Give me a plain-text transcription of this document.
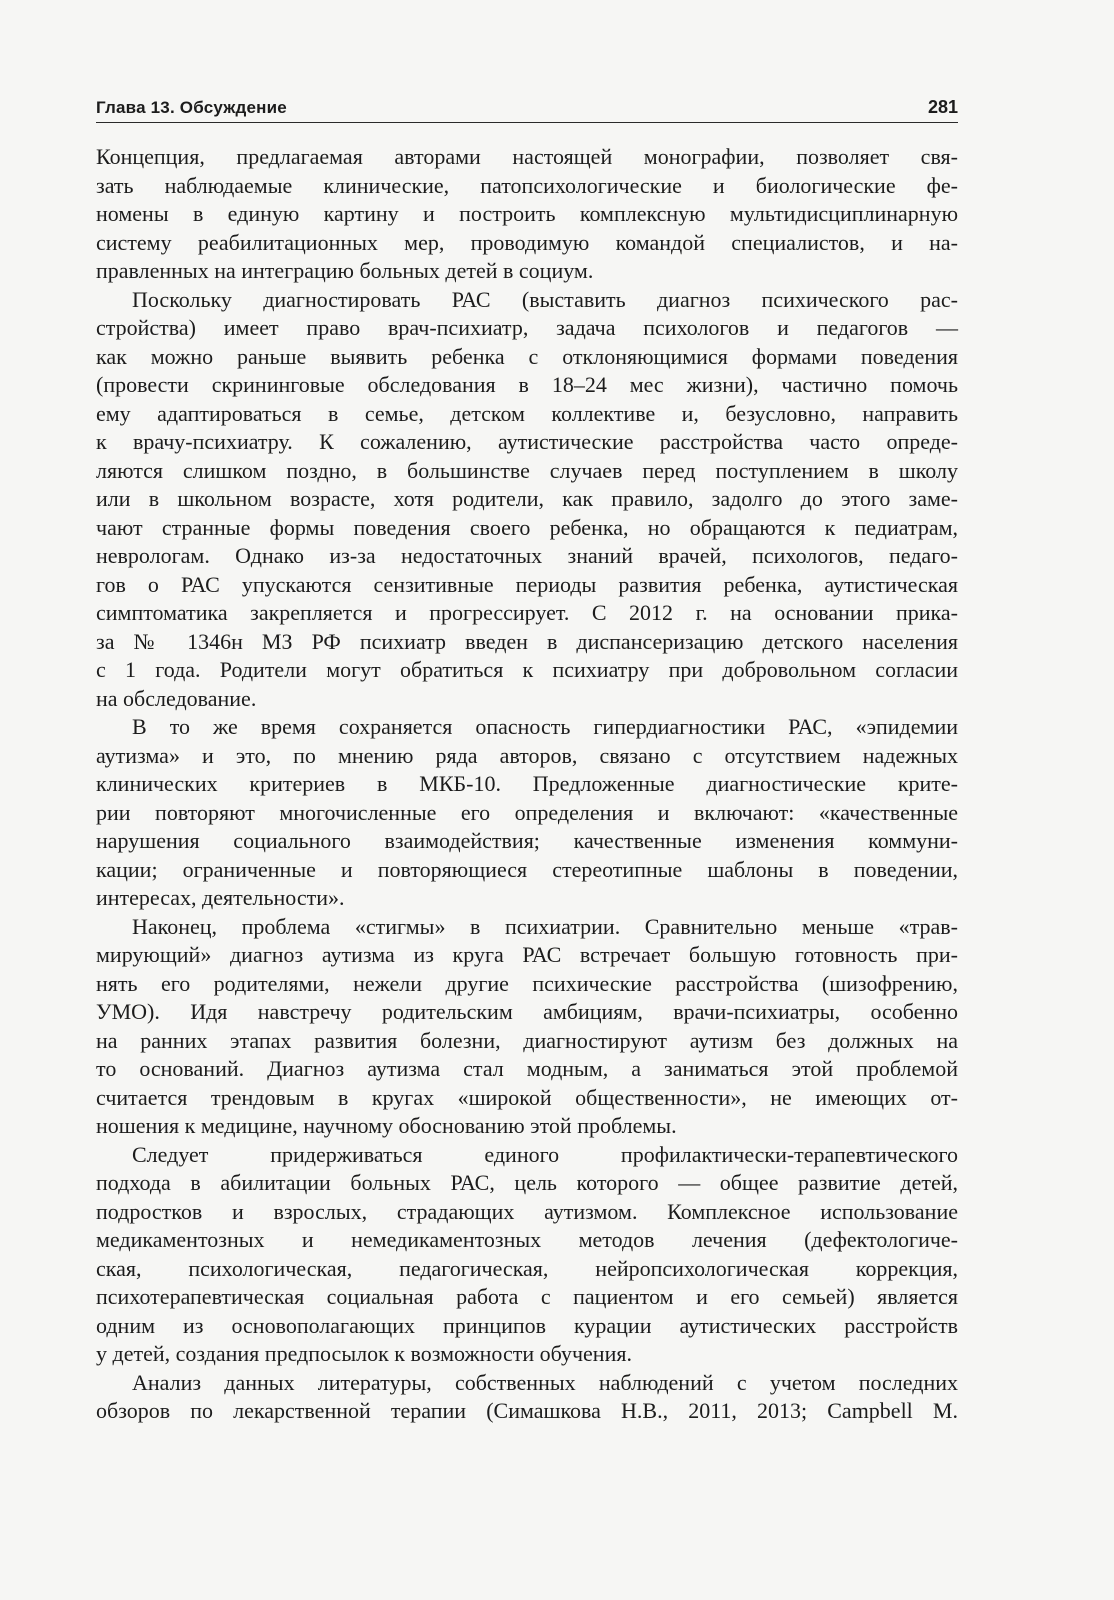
Глава 13. Обсуждение	281
Концепция, предлагаемая авторами настоящей монографии, позволяет свя-
зать наблюдаемые клинические, патопсихологические и биологические фе-
номены в единую картину и построить комплексную мультидисциплинарную
систему реабилитационных мер, проводимую командой специалистов, и на-
правленных на интеграцию больных детей в социум.
Поскольку диагностировать РАС (выставить диагноз психического рас-
стройства) имеет право врач-психиатр, задача психологов и педагогов —
как можно раньше выявить ребенка с отклоняющимися формами поведения
(провести скрининговые обследования в 18–24 мес жизни), частично помочь
ему адаптироваться в семье, детском коллективе и, безусловно, направить
к врачу-психиатру. К сожалению, аутистические расстройства часто опреде-
ляются слишком поздно, в большинстве случаев перед поступлением в школу
или в школьном возрасте, хотя родители, как правило, задолго до этого заме-
чают странные формы поведения своего ребенка, но обращаются к педиатрам,
неврологам. Однако из-за недостаточных знаний врачей, психологов, педаго-
гов о РАС упускаются сензитивные периоды развития ребенка, аутистическая
симптоматика закрепляется и прогрессирует. С 2012 г. на основании прика-
за № 1346н МЗ РФ психиатр введен в диспансеризацию детского населения
с 1 года. Родители могут обратиться к психиатру при добровольном согласии
на обследование.
В то же время сохраняется опасность гипердиагностики РАС, «эпидемии
аутизма» и это, по мнению ряда авторов, связано с отсутствием надежных
клинических критериев в МКБ-10. Предложенные диагностические крите-
рии повторяют многочисленные его определения и включают: «качественные
нарушения социального взаимодействия; качественные изменения коммуни-
кации; ограниченные и повторяющиеся стереотипные шаблоны в поведении,
интересах, деятельности».
Наконец, проблема «стигмы» в психиатрии. Сравнительно меньше «трав-
мирующий» диагноз аутизма из круга РАС встречает большую готовность при-
нять его родителями, нежели другие психические расстройства (шизофрению,
УМО). Идя навстречу родительским амбициям, врачи-психиатры, особенно
на ранних этапах развития болезни, диагностируют аутизм без должных на
то оснований. Диагноз аутизма стал модным, а заниматься этой проблемой
считается трендовым в кругах «широкой общественности», не имеющих от-
ношения к медицине, научному обоснованию этой проблемы.
Следует придерживаться единого профилактически-терапевтического
подхода в абилитации больных РАС, цель которого — общее развитие детей,
подростков и взрослых, страдающих аутизмом. Комплексное использование
медикаментозных и немедикаментозных методов лечения (дефектологиче-
ская, психологическая, педагогическая, нейропсихологическая коррекция,
психотерапевтическая социальная работа с пациентом и его семьей) является
одним из основополагающих принципов курации аутистических расстройств
у детей, создания предпосылок к возможности обучения.
Анализ данных литературы, собственных наблюдений с учетом последних
обзоров по лекарственной терапии (Симашкова Н.В., 2011, 2013; Campbell M.
